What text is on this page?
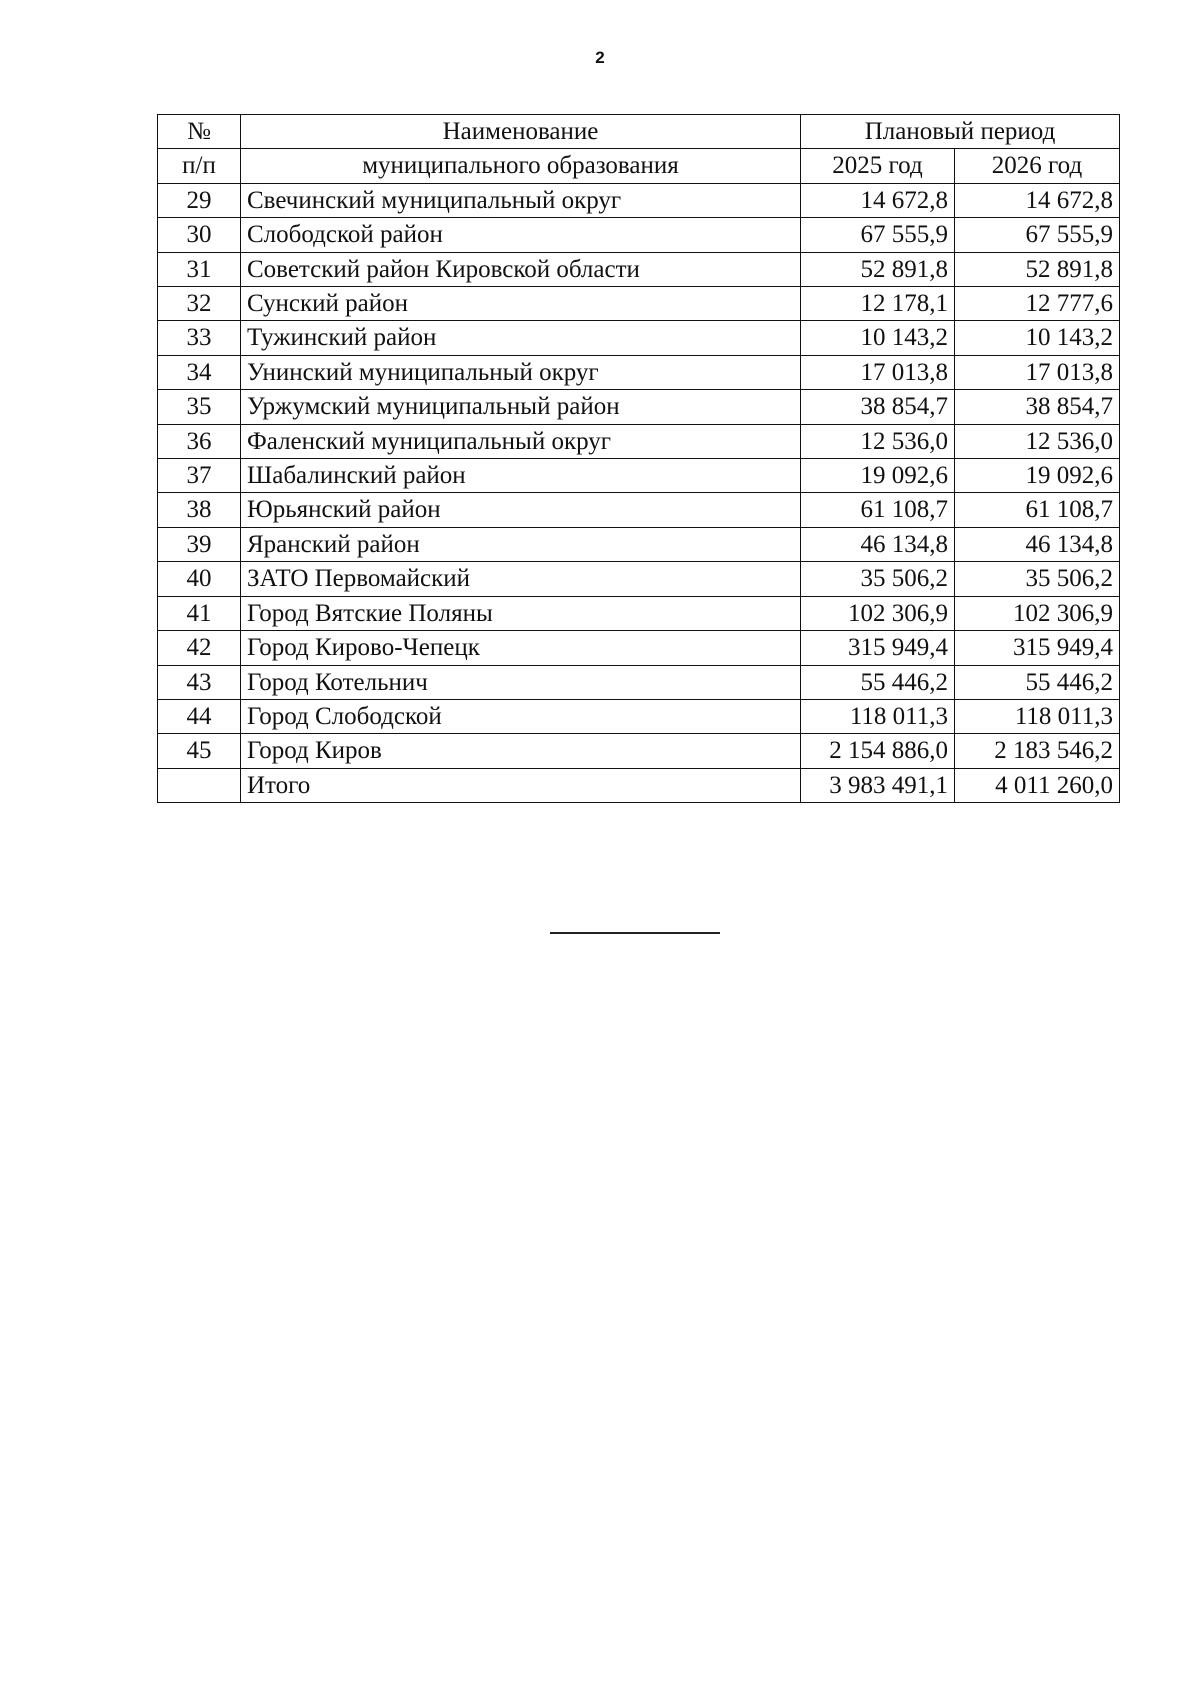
2
№	Наименование	Плановый период	
п/п	муниципального образования	2025 год	2026 год
29	Свечинский муниципальный округ	14 672,8	14 672,8
30	Слободской район	67 555,9	67 555,9
31	Советский район Кировской области	52 891,8	52 891,8
32	Сунский район	12 178,1	12 777,6
33	Тужинский район	10 143,2	10 143,2
34	Унинский муниципальный округ	17 013,8	17 013,8
35	Уржумский муниципальный район	38 854,7	38 854,7
36	Фаленский муниципальный округ	12 536,0	12 536,0
37	Шабалинский район	19 092,6	19 092,6
38	Юрьянский район	61 108,7	61 108,7
39	Яранский район	46 134,8	46 134,8
40	ЗАТО Первомайский	35 506,2	35 506,2
41	Город Вятские Поляны	102 306,9	102 306,9
42	Город Кирово-Чепецк	315 949,4	315 949,4
43	Город Котельнич	55 446,2	55 446,2
44	Город Слободской	118 011,3	118 011,3
45	Город Киров	2 154 886,0	2 183 546,2
	Итого	3 983 491,1	4 011 260,0
